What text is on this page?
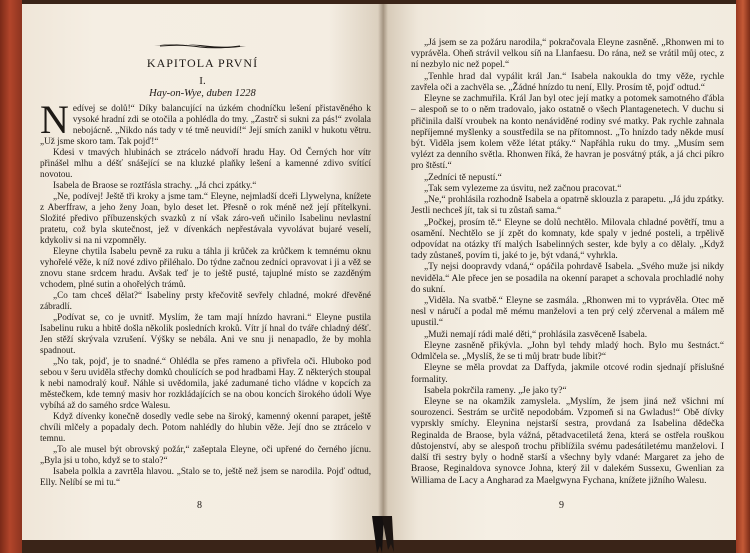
KAPITOLA PRVNÍ
I.
Hay-on-Wye, duben 1228

Nedívej se dolů!“ Díky balancující na úzkém chodníčku lešení přistavěného k vysoké hradní zdi se otočila a pohlédla do tmy. „Zastrč si sukni za pás!“ zvolala nebojácně. „Nikdo nás tady v té tmě neuvidí!“ Její smích zanikl v hukotu větru. „Už jsme skoro tam. Tak pojď!“

Kdesi v tmavých hlubinách se ztrácelo nádvoří hradu Hay. Od Černých hor vítr přinášel mlhu a déšť snášející se na kluzké plaňky lešení a kamenné zdivo svítící novotou.

Isabela de Braose se roztřásla strachy. „Já chci zpátky.“

„Ne, podívej! Ještě tři kroky a jsme tam.“ Eleyne, nejmladší dceři Llywelyna, knížete z Aberffraw, a jeho ženy Joan, bylo deset let. Přesně o rok méně než její přítelkyni. Složité předivo příbuzenských svazků z ní však záro-veň učinilo Isabelinu nevlastní pratetu, což byla skutečnost, jež v dívenkách nepřestávala vyvolávat bujaré veselí, kdykoliv si na ni vzpomněly.

Eleyne chytila Isabelu pevně za ruku a táhla ji krůček za krůčkem k temnému oknu vyhořelé věže, k níž nové zdivo přiléhalo. Do týdne začnou zedníci opravovat i ji a věž se znovu stane srdcem hradu. Avšak teď je to ještě pusté, tajuplné místo se zazděným vchodem, plné sutin a ohořelých trámů.

„Co tam chceš dělat?“ Isabeliny prsty křečovitě sevřely chladné, mokré dřevěné zábradlí.

„Podívat se, co je uvnitř. Myslím, že tam mají hnízdo havrani.“ Eleyne pustila Isabelinu ruku a hbitě došla několik posledních kroků. Vítr jí hnal do tváře chladný déšť. Jen stěží skrývala vzrušení. Výšky se nebála. Ani ve snu ji nenapadlo, že by mohla spadnout.

„No tak, pojď, je to snadné.“ Ohlédla se přes rameno a přivřela oči. Hluboko pod sebou v šeru uviděla střechy domků choulících se pod hradbami Hay. Z některých stoupal k nebi namodralý kouř. Náhle si uvědomila, jaké zadumané ticho vládne v kopcích za městečkem, kde temný masiv hor rozkládajících se na obou koncích širokého údolí Wye vybíhá až do samého srdce Walesu.

Když dívenky konečně dosedly vedle sebe na široký, kamenný okenní parapet, ještě chvíli mlčely a popadaly dech. Potom nahlédly do hlubin věže. Její dno se ztrácelo v temnu.

„To ale musel být obrovský požár,“ zašeptala Eleyne, oči upřené do černého jícnu. „Byla jsi u toho, když se to stalo?“

Isabela polkla a zavrtěla hlavou. „Stalo se to, ještě než jsem se narodila. Pojď odtud, Elly. Nelíbí se mi tu.“

8

„Já jsem se za požáru narodila,“ pokračovala Eleyne zasněně. „Rhonwen mi to vyprávěla. Oheň strávil velkou síň na Llanfaesu. Do rána, než se vrátil můj otec, z ní nezbylo nic než popel.“

„Tenhle hrad dal vypálit král Jan.“ Isabela nakoukla do tmy věže, rychle zavřela oči a zachvěla se. „Žádné hnízdo tu není, Elly. Prosím tě, pojď odtud.“

Eleyne se zachmuřila. Král Jan byl otec její matky a potomek samotného ďábla – alespoň se to o něm tradovalo, jako ostatně o všech Plantagenetech. V duchu si přičinila další vroubek na konto nenáviděné rodiny své matky. Pak rychle zahnala nepříjemné myšlenky a soustředila se na přítomnost. „To hnízdo tady někde musí být. Viděla jsem kolem věže létat ptáky.“ Napřáhla ruku do tmy. „Musím sem vylézt za denního světla. Rhonwen říká, že havran je posvátný pták, a já chci píkro pro štěstí.“

„Zedníci tě nepustí.“

„Tak sem vylezeme za úsvitu, než začnou pracovat.“

„Ne,“ prohlásila rozhodně Isabela a opatrně sklouzla z parapetu. „Já jdu zpátky. Jestli nechceš jít, tak si tu zůstaň sama.“

„Počkej, prosím tě.“ Eleyne se dolů nechtělo. Milovala chladné povětří, tmu a osamění. Nechtělo se jí zpět do komnaty, kde spaly v jedné posteli, a trpělivě odpovídat na otázky tří malých Isabelinných sester, kde byly a co dělaly. „Když tady zůstaneš, povím ti, jaké to je, být vdaná,“ vyhrkla.

„Ty nejsi doopravdy vdaná,“ opáčila pohrdavě Isabela. „Svého muže jsi nikdy neviděla.“ Ale přece jen se posadila na okenní parapet a schovala prochladlé nohy do sukní.

„Viděla. Na svatbě.“ Eleyne se zasmála. „Rhonwen mi to vyprávěla. Otec mě nesl v náručí a podal mě mému manželovi a ten prý celý zčervenal a málem mě upustil.“

„Muži nemají rádi malé děti,“ prohlásila zasvěceně Isabela.

Eleyne zasněně přikývla. „John byl tehdy mladý hoch. Bylo mu šestnáct.“ Odmlčela se. „Myslíš, že se ti můj bratr bude líbit?“

Eleyne se měla provdat za Daffyda, jakmile otcové rodin sjednají příslušné formality.

Isabela pokrčila rameny. „Je jako ty?“

Eleyne se na okamžik zamyslela. „Myslím, že jsem jiná než všichni mí sourozenci. Sestrám se určitě nepodobám. Vzpomeň si na Gwladus!“ Obě dívky vyprskly smíchy. Eleynina nejstarší sestra, provdaná za Isabelina dědečka Reginalda de Braose, byla vážná, pětadvacetiletá žena, která se ostřela rouškou důstojenství, aby se alespoň trochu přiblížila svému padesátiletému manželovi. I další tři sestry byly o hodně starší a všechny byly vdané: Margaret za jeho de Braose, Reginaldova synovce Johna, který žil v dalekém Sussexu, Gwenlian za Williama de Lacy a Angharad za Maelgwyna Fychana, knížete jižního Walesu.

9
